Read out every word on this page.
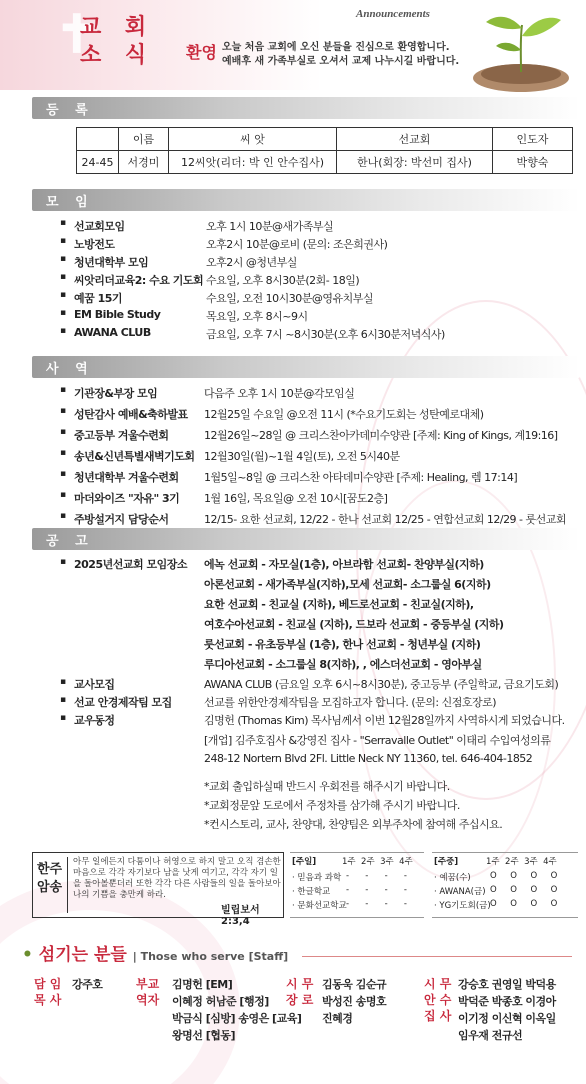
✝
교 회
소 식
Announcements
환영 오늘 처음 교회에 오신 분들을 진심으로 환영합니다.
예배후 새 가족부실로 오셔서 교제 나누시길 바랍니다.
등 록
	이름	씨 앗	선교회	인도자
24-45	서경미	12씨앗(리더: 박 인 안수집사)	한나(회장: 박선미 집사)	박향숙
모 임
▪ 선교회모임	오후 1시 10분@새가족부실
▪ 노방전도	오후2시 10분@로비 (문의: 조은희권사)
▪ 청년대학부 모임	오후2시 @청년부실
▪ 씨앗리더교육2: 수요 기도회 수요일, 오후 8시30분(2회- 18일)
▪ 예꿈 15기	수요일, 오전 10시30분@영유치부실
▪ EM Bible Study	목요일, 오후 8시~9시
▪ AWANA CLUB	금요일, 오후 7시 ~8시30분(오후 6시30분저녁식사)
사 역
▪ 기관장&부장 모임	다음주 오후 1시 10분@각모임실
▪ 성탄감사 예배&축하발표 12월25일 수요일 @오전 11시 (*수요기도회는 성탄예로대체)
▪ 중고등부 겨울수련회	12월26일~28일 @ 크리스찬아카데미수양관 [주제: King of Kings, 계19:16]
▪ 송년&신년특별새벽기도회 12월30일(월)~1월 4일(토), 오전 5시40분
▪ 청년대학부 겨울수련회 1월5일~8일 @ 크리스찬 아타데미수양관 [주제: Healing, 렘 17:14]
▪ 마더와이즈 "자유" 3기 1월 16일, 목요일@ 오전 10시[꿈도2층]
▪ 주방설거지 담당순서	12/15- 요한 선교회, 12/22 - 한나 선교회 12/25 - 연합선교회 12/29 - 룻선교회
공 고
▪ 2025년선교회 모임장소 에녹 선교회 - 자모실(1층), 아브라함 선교회- 찬양부실(지하)
아론선교회 - 새가족부실(지하),모세 선교회- 소그룹실 6(지하)
요한 선교회 - 친교실 (지하), 베드로선교회 - 친교실(지하),
여호수아선교회 - 친교실 (지하), 드보라 선교회 - 중등부실 (지하)
룻선교회 - 유초등부실 (1층), 한나 선교회 - 청년부실 (지하)
루디아선교회 - 소그룹실 8(지하), , 에스더선교회 - 영아부실
▪ 교사모집	AWANA CLUB (금요일 오후 6시~8시30분), 중고등부 (주일학교, 금요기도회)
▪ 선교 안경제작팀 모집	선교를 위한안경제작팀을 모집하고자 합니다. (문의: 신점호장로)
▪ 교우동정	김명헌 (Thomas Kim) 목사님께서 이번 12월28일까지 사역하시게 되었습니다.
[개업] 김주호집사 &강영진 집사 - "Serravalle Outlet" 이태리 수입여성의류
248-12 Nortern Blvd 2Fl. Little Neck NY 11360, tel. 646-404-1852
*교회 출입하실때 반드시 우회전를 해주시기 바랍니다.
*교회정문앞 도로에서 주정차를 삼가해 주시기 바랍니다.
*컨시스토리, 교사, 찬양대, 찬양팀은 외부주차에 참여해 주십시요.
한주 암송
아무 일에든지 다툼이나 허영으로 하지 말고 오직 겸손한 마음으로 각각 자기보다 남을 낫게 여기고, 각각 자기 일을 돌아볼뿐더러 또한 각각 다른 사람들의 일을 돌아보아 나의 기쁨을 충만케 하라.
빌립보서 2:3,4
[주일]	1주 2주 3주 4주
· 믿음과 과학 - - - -
· 한글학교 - - - -
· 문화선교학교 - - - -
[주중]	1주 2주 3주 4주
· 예꿈(수) O O O O
· AWANA(금) O O O O
· YG기도회(금) O O O O
• 섬기는 분들 | Those who serve [Staff]
담 임 목 사
강주호	부교 역자
김명헌 [EM]
이혜정 허남준 [행정]
박금식 [심방] 송영은 [교육]
왕명선 [협동]
시 무 장 로
김동욱 김순규
박성진 송명호
진혜경
시 무 안 수 집 사
강승호 권영일 박덕용
박덕준 박종호 이경아
이기정 이신혁 이옥일
임우재 전규선
